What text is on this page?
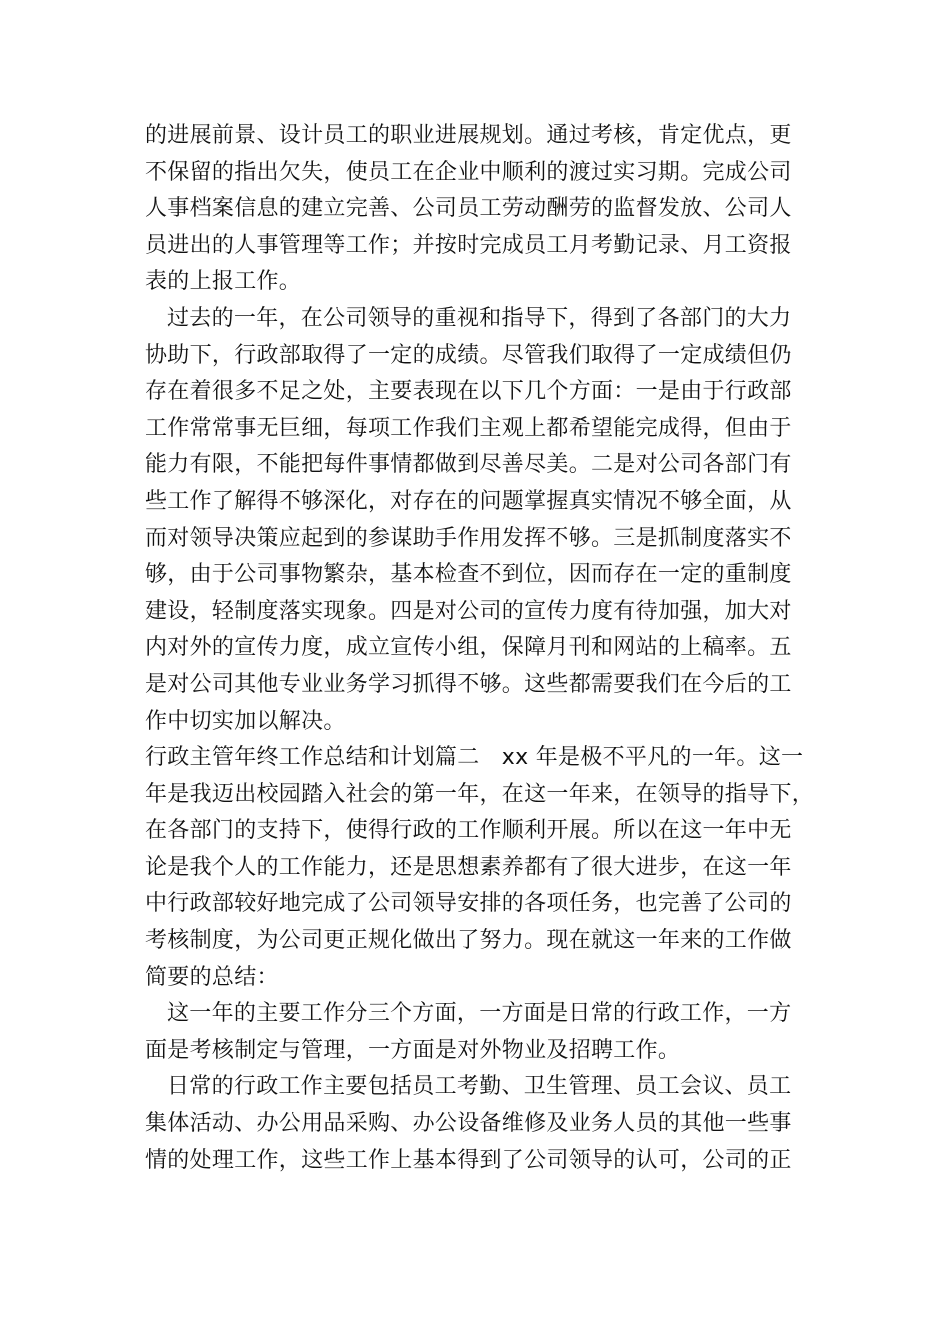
的进展前景、设计员工的职业进展规划。通过考核，肯定优点，更
不保留的指出欠失，使员工在企业中顺利的渡过实习期。完成公司
人事档案信息的建立完善、公司员工劳动酬劳的监督发放、公司人
员进出的人事管理等工作；并按时完成员工月考勤记录、月工资报
表的上报工作。
过去的一年，在公司领导的重视和指导下，得到了各部门的大力
协助下，行政部取得了一定的成绩。尽管我们取得了一定成绩但仍
存在着很多不足之处，主要表现在以下几个方面：一是由于行政部
工作常常事无巨细，每项工作我们主观上都希望能完成得，但由于
能力有限，不能把每件事情都做到尽善尽美。二是对公司各部门有
些工作了解得不够深化，对存在的问题掌握真实情况不够全面，从
而对领导决策应起到的参谋助手作用发挥不够。三是抓制度落实不
够，由于公司事物繁杂，基本检查不到位，因而存在一定的重制度
建设，轻制度落实现象。四是对公司的宣传力度有待加强，加大对
内对外的宣传力度，成立宣传小组，保障月刊和网站的上稿率。五
是对公司其他专业业务学习抓得不够。这些都需要我们在今后的工
作中切实加以解决。
行政主管年终工作总结和计划篇二　xx 年是极不平凡的一年。这一
年是我迈出校园踏入社会的第一年，在这一年来，在领导的指导下，
在各部门的支持下，使得行政的工作顺利开展。所以在这一年中无
论是我个人的工作能力，还是思想素养都有了很大进步，在这一年
中行政部较好地完成了公司领导安排的各项任务，也完善了公司的
考核制度，为公司更正规化做出了努力。现在就这一年来的工作做
简要的总结：
这一年的主要工作分三个方面，一方面是日常的行政工作，一方
面是考核制定与管理，一方面是对外物业及招聘工作。
日常的行政工作主要包括员工考勤、卫生管理、员工会议、员工
集体活动、办公用品采购、办公设备维修及业务人员的其他一些事
情的处理工作，这些工作上基本得到了公司领导的认可，公司的正
